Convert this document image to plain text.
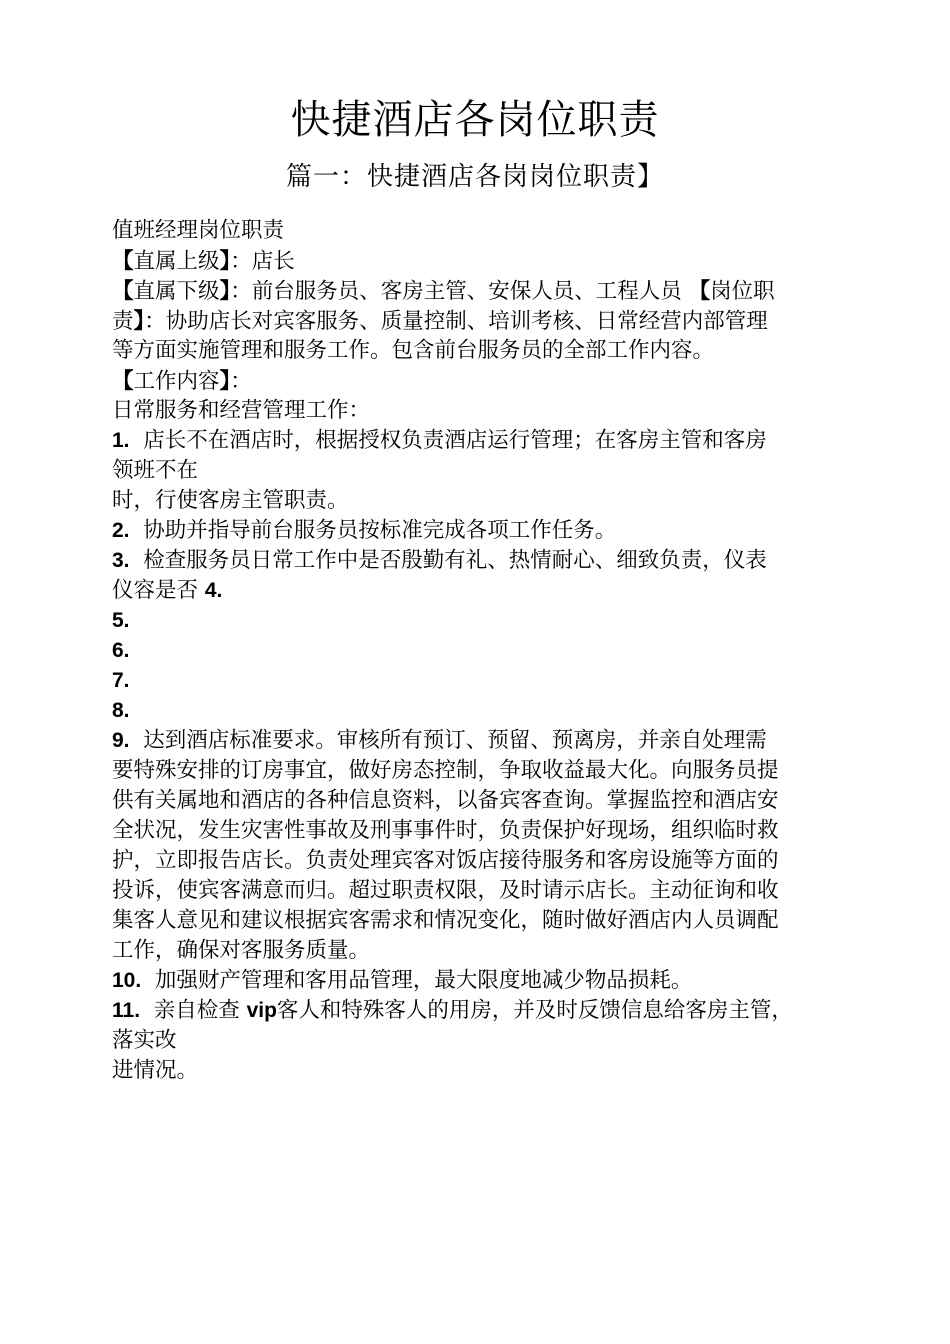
快捷酒店各岗位职责
篇一：快捷酒店各岗岗位职责】
值班经理岗位职责
【直属上级】：店长
【直属下级】：前台服务员、客房主管、安保人员、工程人员 【岗位职
责】：协助店长对宾客服务、质量控制、培训考核、日常经营内部管理
等方面实施管理和服务工作。包含前台服务员的全部工作内容。
【工作内容】：
日常服务和经营管理工作：
1. 店长不在酒店时，根据授权负责酒店运行管理；在客房主管和客房
领班不在
时，行使客房主管职责。
2. 协助并指导前台服务员按标准完成各项工作任务。
3. 检查服务员日常工作中是否殷勤有礼、热情耐心、细致负责，仪表
仪容是否 4.
5.
6.
7.
8.
9. 达到酒店标准要求。审核所有预订、预留、预离房，并亲自处理需
要特殊安排的订房事宜，做好房态控制，争取收益最大化。向服务员提
供有关属地和酒店的各种信息资料，以备宾客查询。掌握监控和酒店安
全状况，发生灾害性事故及刑事事件时，负责保护好现场，组织临时救
护，立即报告店长。负责处理宾客对饭店接待服务和客房设施等方面的
投诉，使宾客满意而归。超过职责权限，及时请示店长。主动征询和收
集客人意见和建议根据宾客需求和情况变化，随时做好酒店内人员调配
工作，确保对客服务质量。
10. 加强财产管理和客用品管理，最大限度地减少物品损耗。
11. 亲自检查 vip客人和特殊客人的用房，并及时反馈信息给客房主管，
落实改
进情况。
